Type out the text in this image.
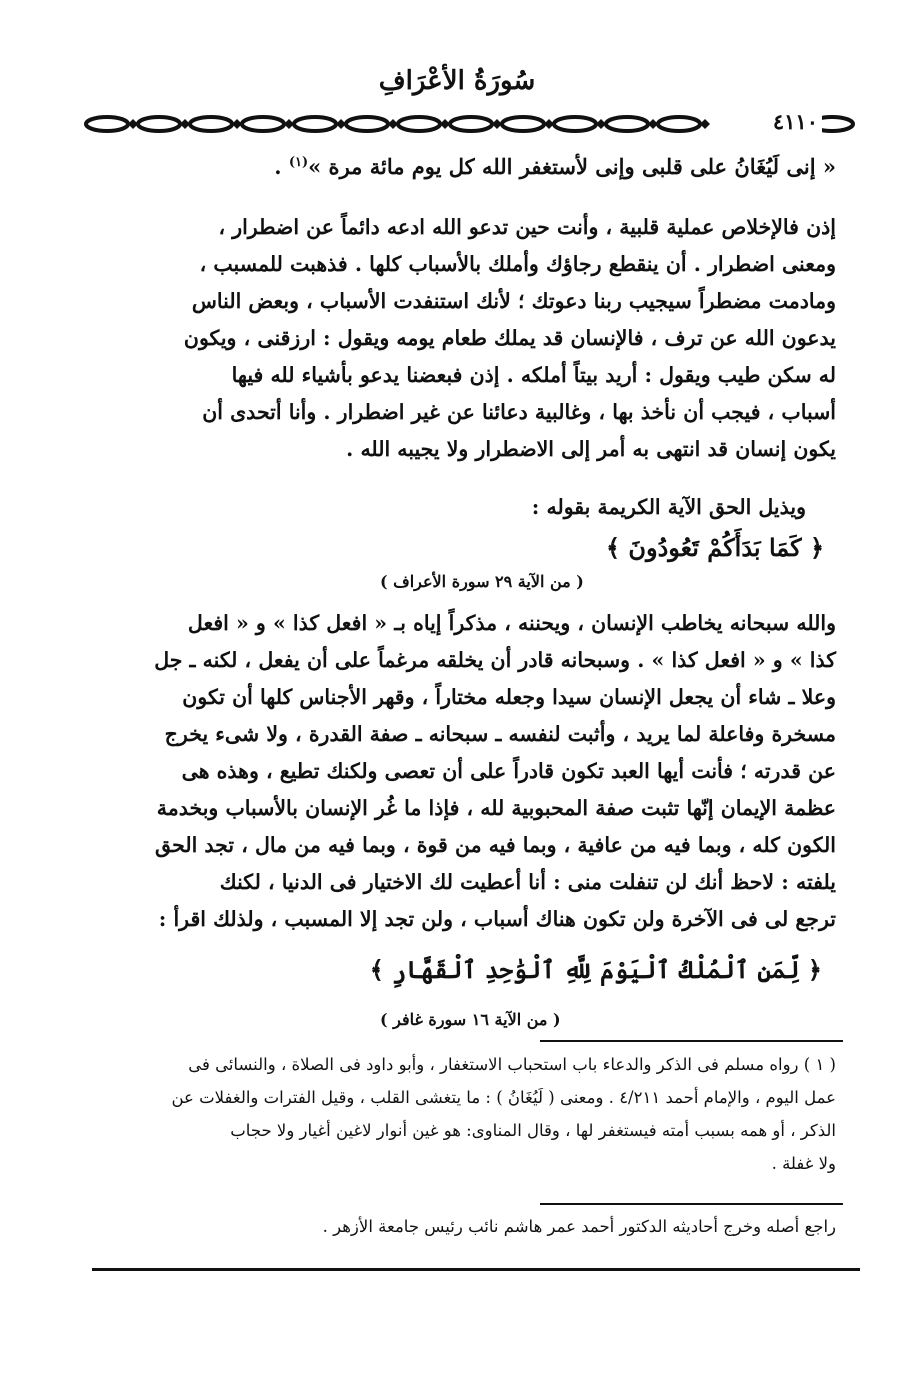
سُورَةُ الأعْرَافِ
٤١١٠
« إنى لَيُغَانُ على قلبى وإنى لأستغفر الله كل يوم مائة مرة »$^{(١)}$ .
إذن فالإخلاص عملية قلبية ، وأنت حين تدعو الله ادعه دائماً عن اضطرار ،
ومعنى اضطرار . أن ينقطع رجاؤك وأملك بالأسباب كلها . فذهبت للمسبب ،
ومادمت مضطراً سيجيب ربنا دعوتك ؛ لأنك استنفدت الأسباب ، وبعض الناس
يدعون الله عن ترف ، فالإنسان قد يملك طعام يومه ويقول : ارزقنى ، ويكون
له سكن طيب ويقول : أريد بيتاً أملكه . إذن فبعضنا يدعو بأشياء لله فيها
أسباب ، فيجب أن نأخذ بها ، وغالبية دعائنا عن غير اضطرار . وأنا أتحدى أن
يكون إنسان قد انتهى به أمر إلى الاضطرار ولا يجيبه الله .
ويذيل الحق الآية الكريمة بقوله :
﴿ كَمَا بَدَأَكُمْ تَعُودُونَ ﴾
( من الآية ٢٩ سورة الأعراف )
والله سبحانه يخاطب الإنسان ، ويحننه ، مذكراً إياه بـ « افعل كذا » و « افعل
كذا » و « افعل كذا » . وسبحانه قادر أن يخلقه مرغماً على أن يفعل ، لكنه ـ جل
وعلا ـ شاء أن يجعل الإنسان سيدا وجعله مختاراً ، وقهر الأجناس كلها أن تكون
مسخرة وفاعلة لما يريد ، وأثبت لنفسه ـ سبحانه ـ صفة القدرة ، ولا شىء يخرج
عن قدرته ؛ فأنت أيها العبد تكون قادراً على أن تعصى ولكنك تطيع ، وهذه هى
عظمة الإيمان إنّها تثبت صفة المحبوبية لله ، فإذا ما غُر الإنسان بالأسباب وبخدمة
الكون كله ، وبما فيه من عافية ، وبما فيه من قوة ، وبما فيه من مال ، تجد الحق
يلفته : لاحظ أنك لن تنفلت منى : أنا أعطيت لك الاختيار فى الدنيا ، لكنك
ترجع لى فى الآخرة ولن تكون هناك أسباب ، ولن تجد إلا المسبب ، ولذلك اقرأ :
﴿ لِّمَنِ ٱلْمُلْكُ ٱلْيَوْمَ لِلَّهِ ٱلْوَٰحِدِ ٱلْقَهَّارِ ﴾
( من الآية ١٦ سورة غافر )
( ١ ) رواه مسلم فى الذكر والدعاء باب استحباب الاستغفار ، وأبو داود فى الصلاة ، والنسائى فى
عمل اليوم ، والإمام أحمد ٤/٢١١ . ومعنى ( لَيُغَانُ ) : ما يتغشى القلب ، وقيل الفترات والغفلات عن
الذكر ، أو همه بسبب أمته فيستغفر لها ، وقال المناوى: هو غين أنوار لاغين أغيار ولا حجاب
ولا غفلة .
راجع أصله وخرج أحاديثه الدكتور أحمد عمر هاشم نائب رئيس جامعة الأزهر .
